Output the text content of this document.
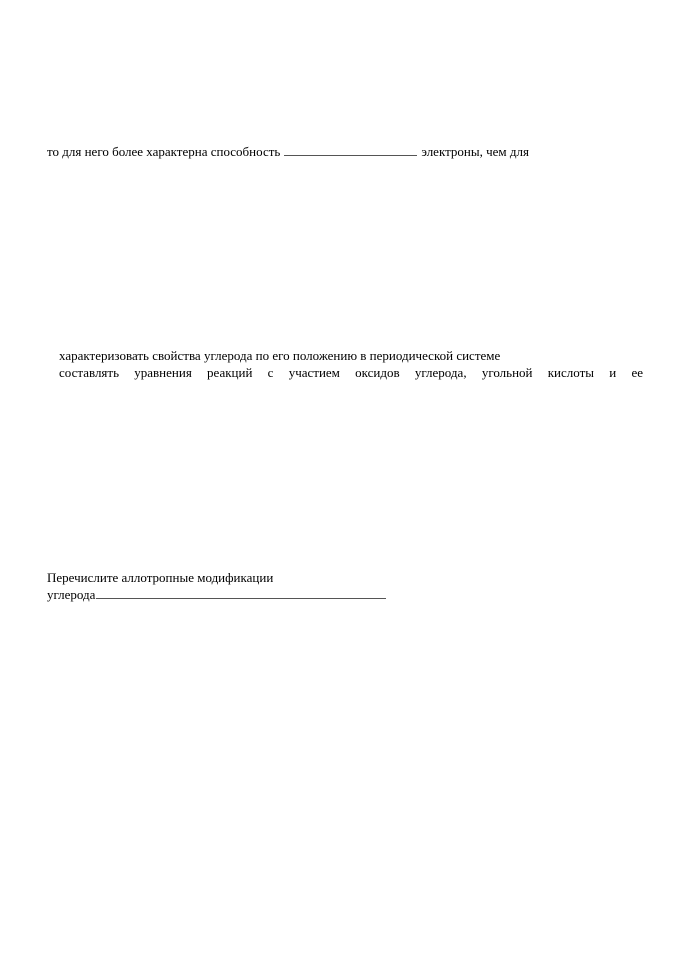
то для него более характерна способность	электроны, чем для
характеризовать свойства углерода по его положению в периодической системе
составлять уравнения реакций с участием оксидов углерода, угольной кислоты и ее
Перечислите аллотропные модификации
углерода
